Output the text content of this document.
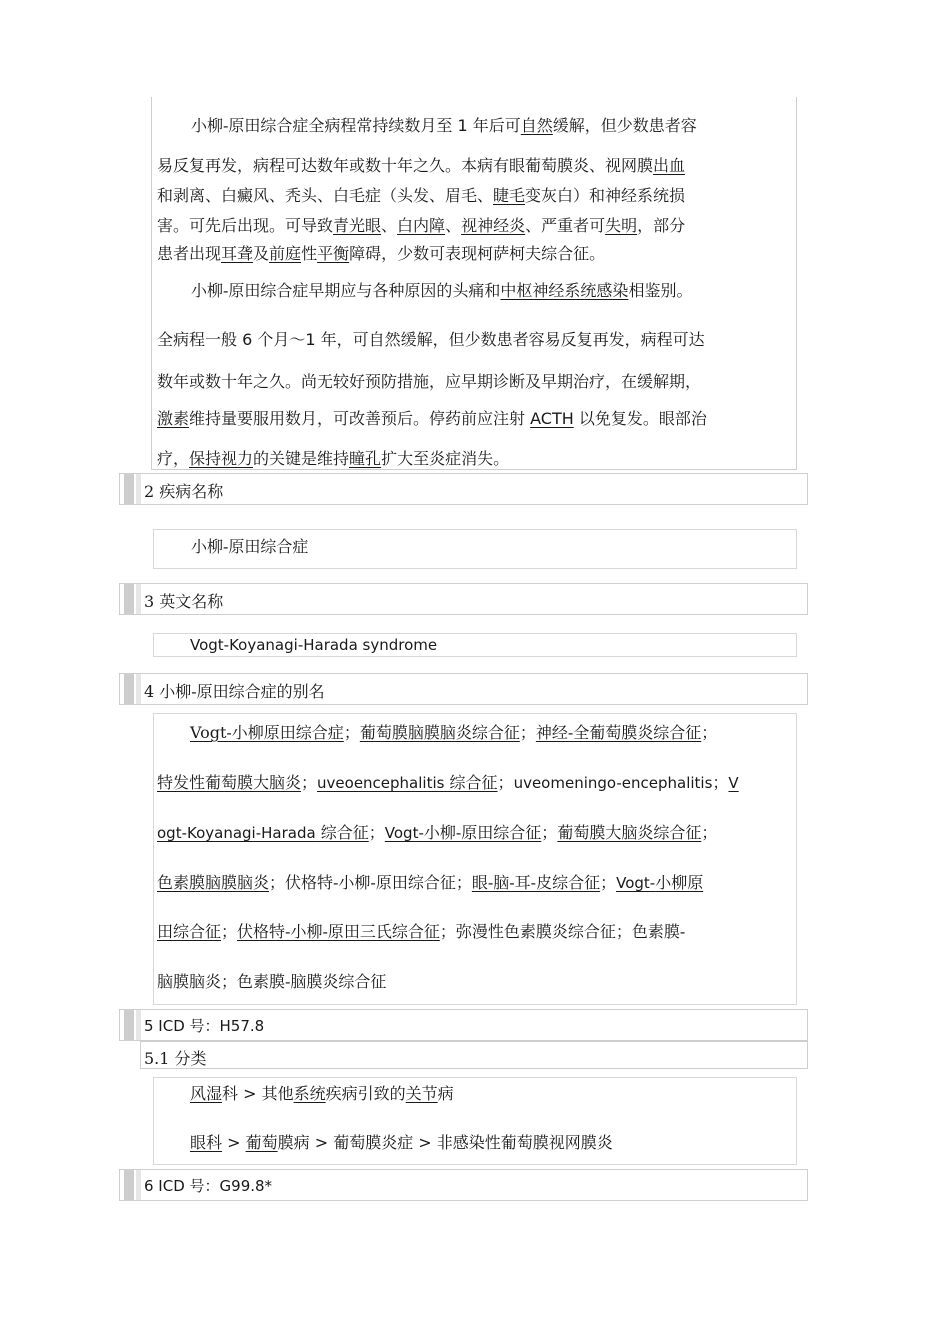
小柳-原田综合症全病程常持续数月至 1 年后可自然缓解，但少数患者容
易反复再发，病程可达数年或数十年之久。本病有眼葡萄膜炎、视网膜出血
和剥离、白癜风、秃头、白毛症（头发、眉毛、睫毛变灰白）和神经系统损
害。可先后出现。可导致青光眼、白内障、视神经炎、严重者可失明，部分
患者出现耳聋及前庭性平衡障碍，少数可表现柯萨柯夫综合征。
小柳-原田综合症早期应与各种原因的头痛和中枢神经系统感染相鉴别。
全病程一般 6 个月～1 年，可自然缓解，但少数患者容易反复再发，病程可达
数年或数十年之久。尚无较好预防措施，应早期诊断及早期治疗，在缓解期，
激素维持量要服用数月，可改善预后。停药前应注射 ACTH 以免复发。眼部治
疗，保持视力的关键是维持瞳孔扩大至炎症消失。
2 疾病名称
小柳-原田综合症
3 英文名称
Vogt-Koyanagi-Harada syndrome
4 小柳-原田综合症的别名
Vogt-小柳原田综合症；葡萄膜脑膜脑炎综合征；神经-全葡萄膜炎综合征；
特发性葡萄膜大脑炎；uveoencephalitis 综合征；uveomeningo-encephalitis；V
ogt-Koyanagi-Harada 综合征；Vogt-小柳-原田综合征；葡萄膜大脑炎综合征；
色素膜脑膜脑炎；伏格特-小柳-原田综合征；眼-脑-耳-皮综合征；Vogt-小柳原
田综合征；伏格特-小柳-原田三氏综合征；弥漫性色素膜炎综合征；色素膜-
脑膜脑炎；色素膜-脑膜炎综合征
5 ICD 号：H57.8
5.1 分类
风湿科 > 其他系统疾病引致的关节病
眼科 > 葡萄膜病 > 葡萄膜炎症 > 非感染性葡萄膜视网膜炎
6 ICD 号：G99.8*
